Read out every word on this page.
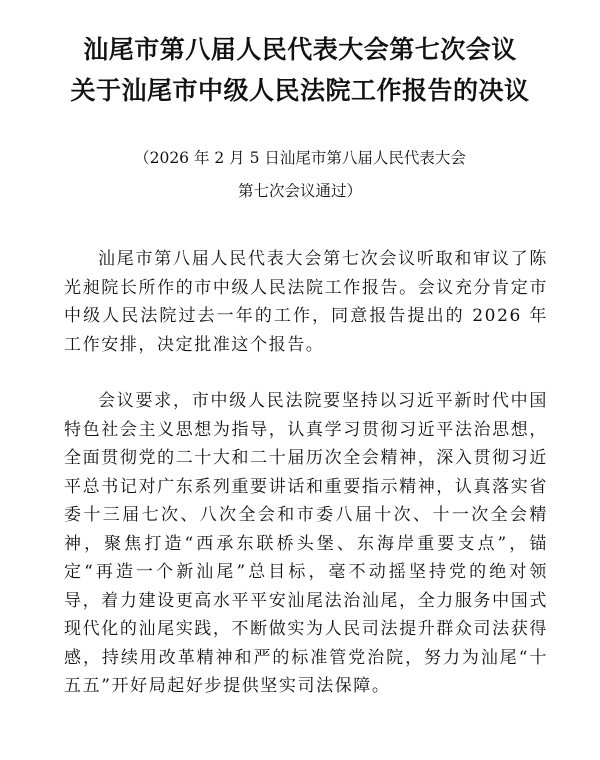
汕尾市第八届人民代表大会第七次会议
关于汕尾市中级人民法院工作报告的决议

（2026 年 2 月 5 日汕尾市第八届人民代表大会

第七次会议通过）

汕尾市第八届人民代表大会第七次会议听取和审议了陈光昶院长所作的市中级人民法院工作报告。会议充分肯定市中级人民法院过去一年的工作，同意报告提出的 2026 年工作安排，决定批准这个报告。

会议要求，市中级人民法院要坚持以习近平新时代中国特色社会主义思想为指导，认真学习贯彻习近平法治思想，全面贯彻党的二十大和二十届历次全会精神，深入贯彻习近平总书记对广东系列重要讲话和重要指示精神，认真落实省委十三届七次、八次全会和市委八届十次、十一次全会精神，聚焦打造“西承东联桥头堡、东海岸重要支点”，锚定“再造一个新汕尾”总目标，毫不动摇坚持党的绝对领导，着力建设更高水平平安汕尾法治汕尾，全力服务中国式现代化的汕尾实践，不断做实为人民司法提升群众司法获得感，持续用改革精神和严的标准管党治院，努力为汕尾“十五五”开好局起好步提供坚实司法保障。
